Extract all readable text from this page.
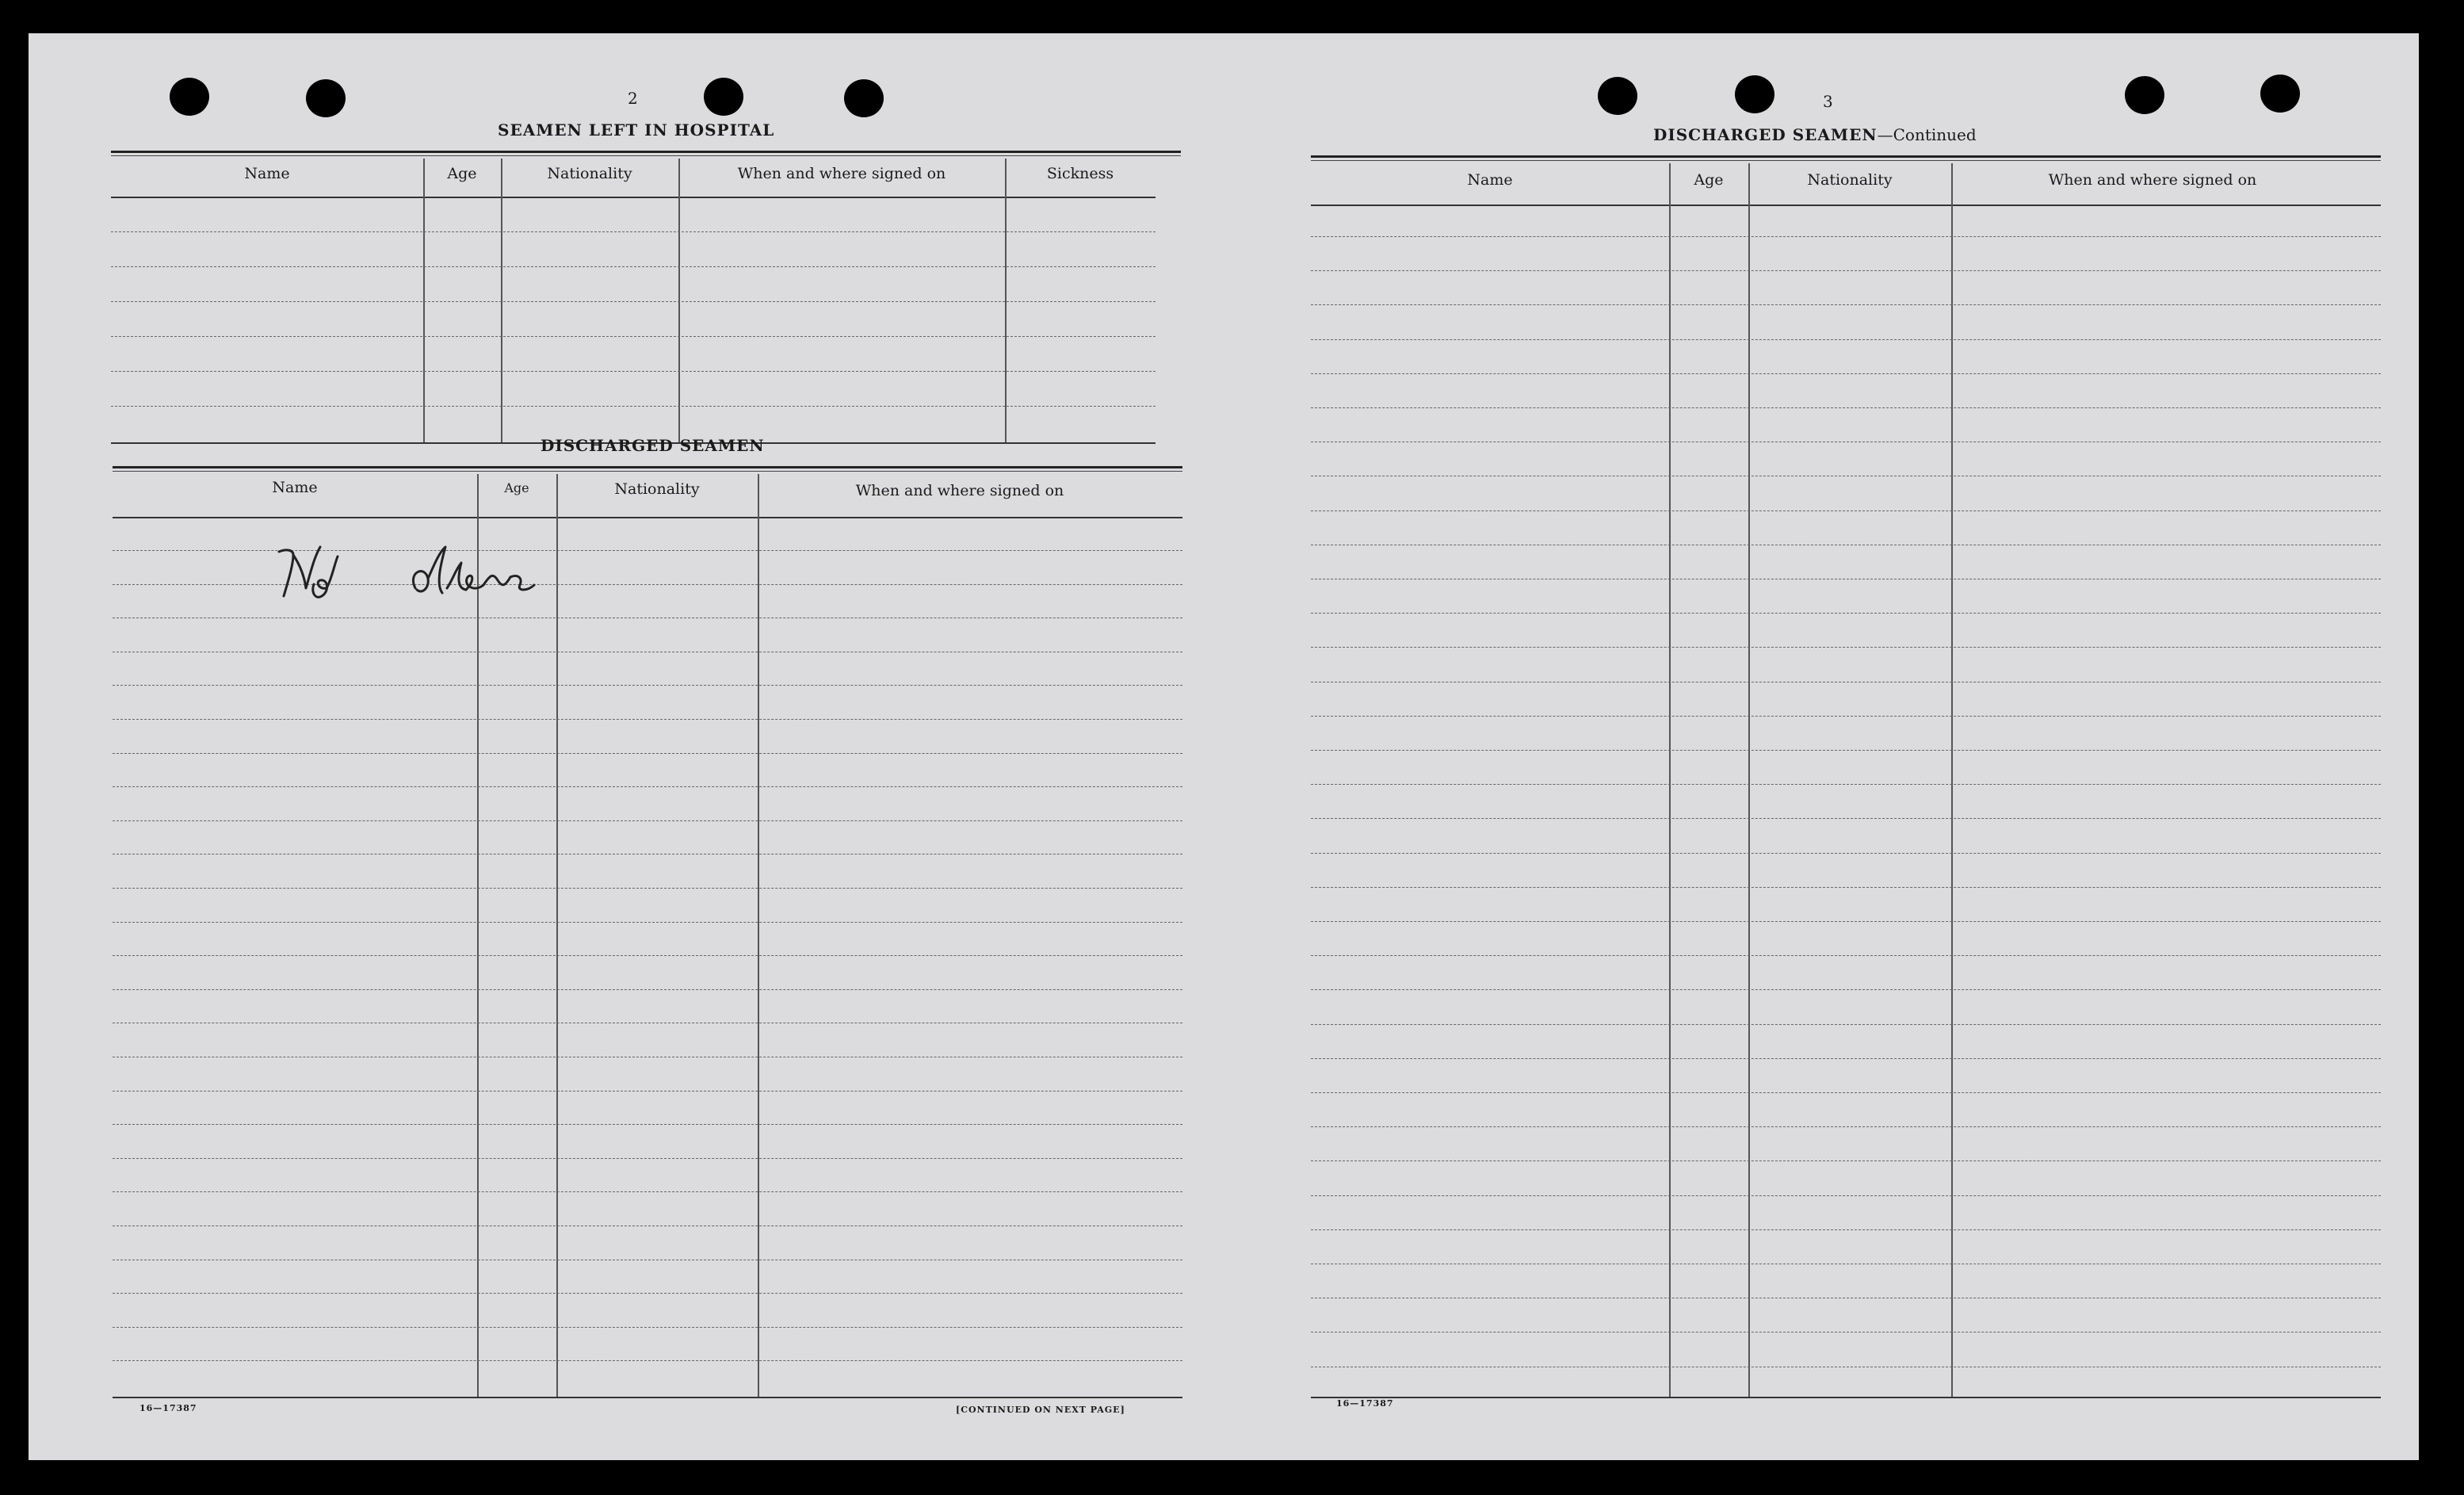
2
SEAMEN LEFT IN HOSPITAL
Name	Age	Nationality	When and where signed on	Sickness
DISCHARGED SEAMEN
Name	Age	Nationality	When and where signed on
No aliens
16—17387	[CONTINUED ON NEXT PAGE]
3
DISCHARGED SEAMEN—Continued
Name	Age	Nationality	When and where signed on
16—17387
